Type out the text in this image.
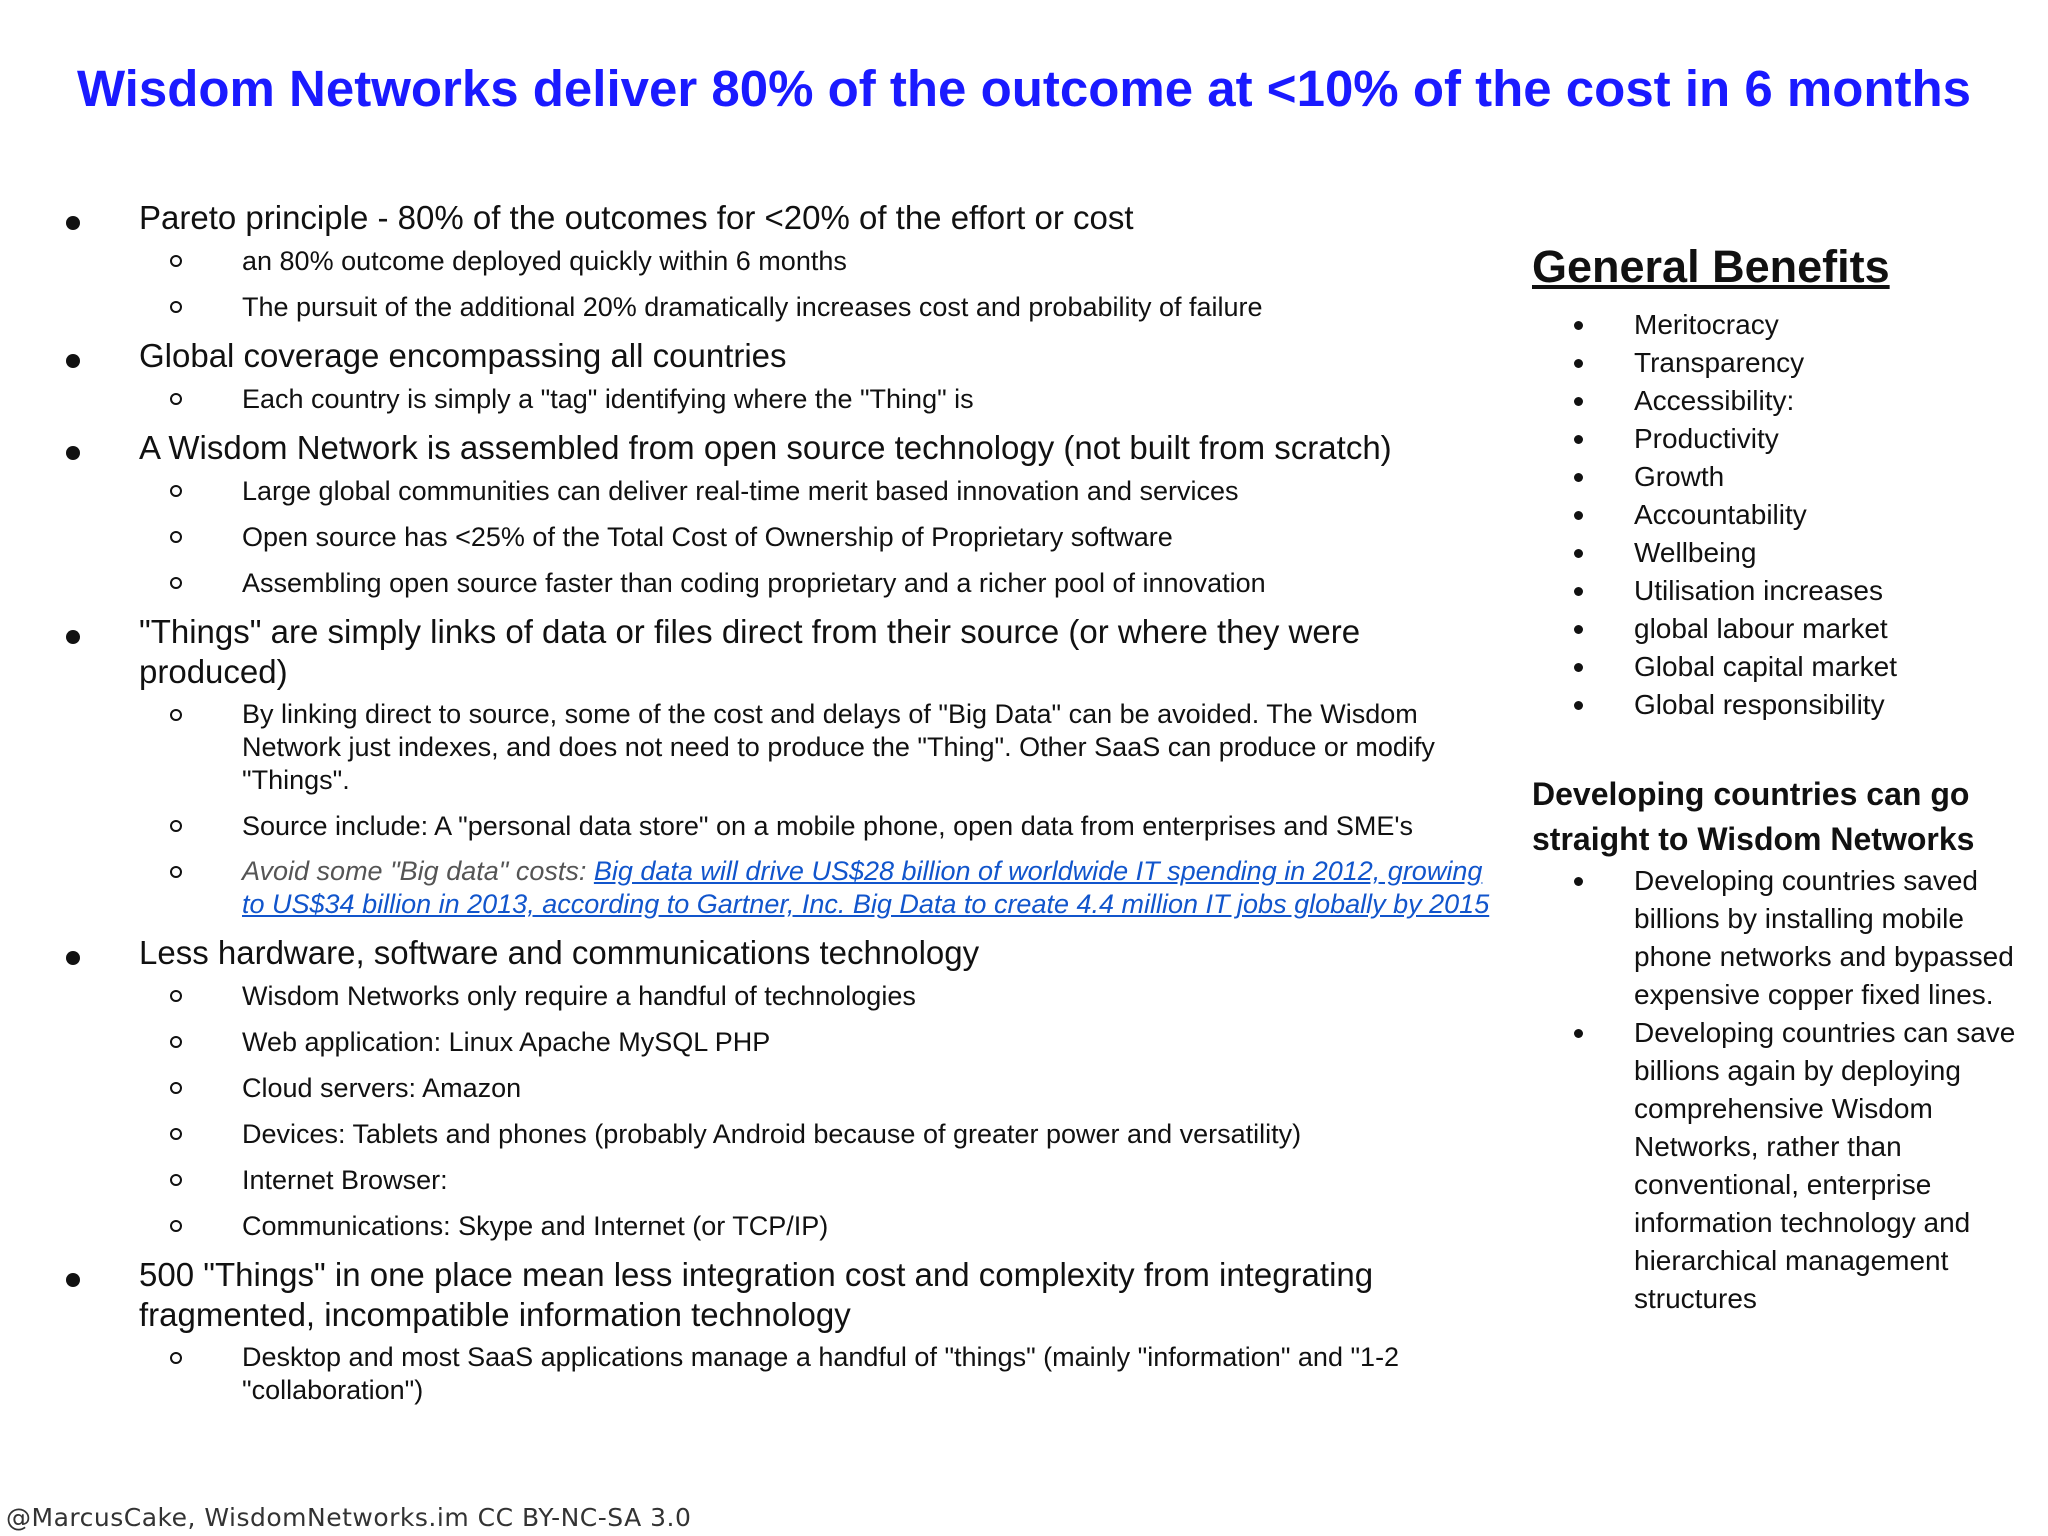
Wisdom Networks deliver 80% of the outcome at <10% of the cost in 6 months
Pareto principle - 80% of the outcomes for <20% of the effort or cost
an 80% outcome deployed quickly within 6 months
The pursuit of the additional 20% dramatically increases cost and probability of failure
Global coverage encompassing all countries
Each country is simply a "tag" identifying where the "Thing" is
A Wisdom Network is assembled from open source technology (not built from scratch)
Large global communities can deliver real-time merit based innovation and services
Open source has <25% of the Total Cost of Ownership of Proprietary software
Assembling open source faster than coding proprietary and a richer pool of innovation
"Things" are simply links of data or files direct from their source (or where they were produced)
By linking direct to source, some of the cost and delays of "Big Data" can be avoided. The Wisdom Network just indexes, and does not need to produce the "Thing". Other SaaS can produce or modify "Things".
Source include: A "personal data store" on a mobile phone, open data from enterprises and SME's
Avoid some "Big data" costs: Big data will drive US$28 billion of worldwide IT spending in 2012, growing to US$34 billion in 2013, according to Gartner, Inc. Big Data to create 4.4 million IT jobs globally by 2015
Less hardware, software and communications technology
Wisdom Networks only require a handful of technologies
Web application: Linux Apache MySQL PHP
Cloud servers: Amazon
Devices: Tablets and phones (probably Android because of greater power and versatility)
Internet Browser:
Communications: Skype and Internet (or TCP/IP)
500 "Things" in one place mean less integration cost and complexity from integrating fragmented, incompatible information technology
Desktop and most SaaS applications manage a handful of "things" (mainly "information" and "1-2 "collaboration")
General Benefits
Meritocracy
Transparency
Accessibility:
Productivity
Growth
Accountability
Wellbeing
Utilisation increases
global labour market
Global capital market
Global responsibility
Developing countries can go straight to Wisdom Networks
Developing countries saved billions by installing mobile phone networks and bypassed expensive copper fixed lines.
Developing countries can save billions again by deploying comprehensive Wisdom Networks, rather than conventional, enterprise information technology and hierarchical management structures
@MarcusCake, WisdomNetworks.im CC BY-NC-SA 3.0
